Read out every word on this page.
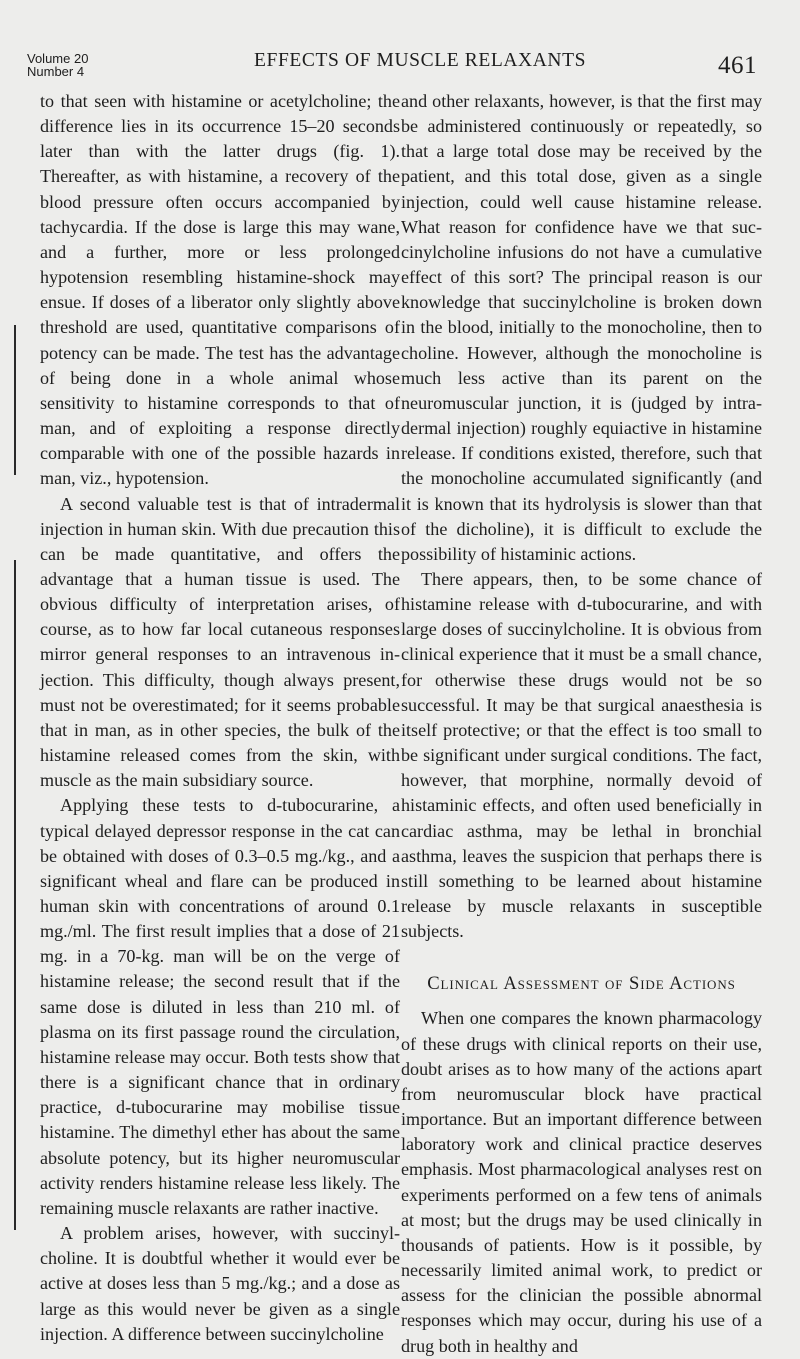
Volume 20
Number 4
EFFECTS OF MUSCLE RELAXANTS	461

to that seen with histamine or acetylcholine; the difference lies in its occurrence 15–20 seconds later than with the latter drugs (fig. 1). Thereafter, as with histamine, a recovery of the blood pressure often occurs accompanied by tachycardia. If the dose is large this may wane, and a further, more or less prolonged hypotension resembling histamine-shock may ensue. If doses of a liberator only slightly above threshold are used, quantitative comparisons of potency can be made. The test has the advantage of being done in a whole animal whose sensitivity to histamine corresponds to that of man, and of exploiting a response directly comparable with one of the possible hazards in man, viz., hypotension.

A second valuable test is that of intradermal injection in human skin. With due precaution this can be made quantitative, and offers the advantage that a human tissue is used. The obvious difficulty of interpretation arises, of course, as to how far local cutaneous responses mirror general responses to an intravenous injection. This difficulty, though always present, must not be overestimated; for it seems probable that in man, as in other species, the bulk of the histamine released comes from the skin, with muscle as the main subsidiary source.

Applying these tests to d-tubocurarine, a typical delayed depressor response in the cat can be obtained with doses of 0.3–0.5 mg./kg., and a significant wheal and flare can be produced in human skin with concentrations of around 0.1 mg./ml. The first result implies that a dose of 21 mg. in a 70-kg. man will be on the verge of histamine release; the second result that if the same dose is diluted in less than 210 ml. of plasma on its first passage round the circulation, histamine release may occur. Both tests show that there is a significant chance that in ordinary practice, d-tubocurarine may mobilise tissue histamine. The dimethyl ether has about the same absolute potency, but its higher neuromuscular activity renders histamine release less likely. The remaining muscle relaxants are rather inactive.

A problem arises, however, with succinylcholine. It is doubtful whether it would ever be active at doses less than 5 mg./kg.; and a dose as large as this would never be given as a single injection. A difference between succinylcholine

and other relaxants, however, is that the first may be administered continuously or repeatedly, so that a large total dose may be received by the patient, and this total dose, given as a single injection, could well cause histamine release. What reason for confidence have we that succinylcholine infusions do not have a cumulative effect of this sort? The principal reason is our knowledge that succinylcholine is broken down in the blood, initially to the monocholine, then to choline. However, although the monocholine is much less active than its parent on the neuromuscular junction, it is (judged by intradermal injection) roughly equiactive in histamine release. If conditions existed, therefore, such that the monocholine accumulated significantly (and it is known that its hydrolysis is slower than that of the dicholine), it is difficult to exclude the possibility of histaminic actions.

There appears, then, to be some chance of histamine release with d-tubocurarine, and with large doses of succinylcholine. It is obvious from clinical experience that it must be a small chance, for otherwise these drugs would not be so successful. It may be that surgical anaesthesia is itself protective; or that the effect is too small to be significant under surgical conditions. The fact, however, that morphine, normally devoid of histaminic effects, and often used beneficially in cardiac asthma, may be lethal in bronchial asthma, leaves the suspicion that perhaps there is still something to be learned about histamine release by muscle relaxants in susceptible subjects.

Clinical Assessment of Side Actions

When one compares the known pharmacology of these drugs with clinical reports on their use, doubt arises as to how many of the actions apart from neuromuscular block have practical importance. But an important difference between laboratory work and clinical practice deserves emphasis. Most pharmacological analyses rest on experiments performed on a few tens of animals at most; but the drugs may be used clinically in thousands of patients. How is it possible, by necessarily limited animal work, to predict or assess for the clinician the possible abnormal responses which may occur, during his use of a drug both in healthy and
